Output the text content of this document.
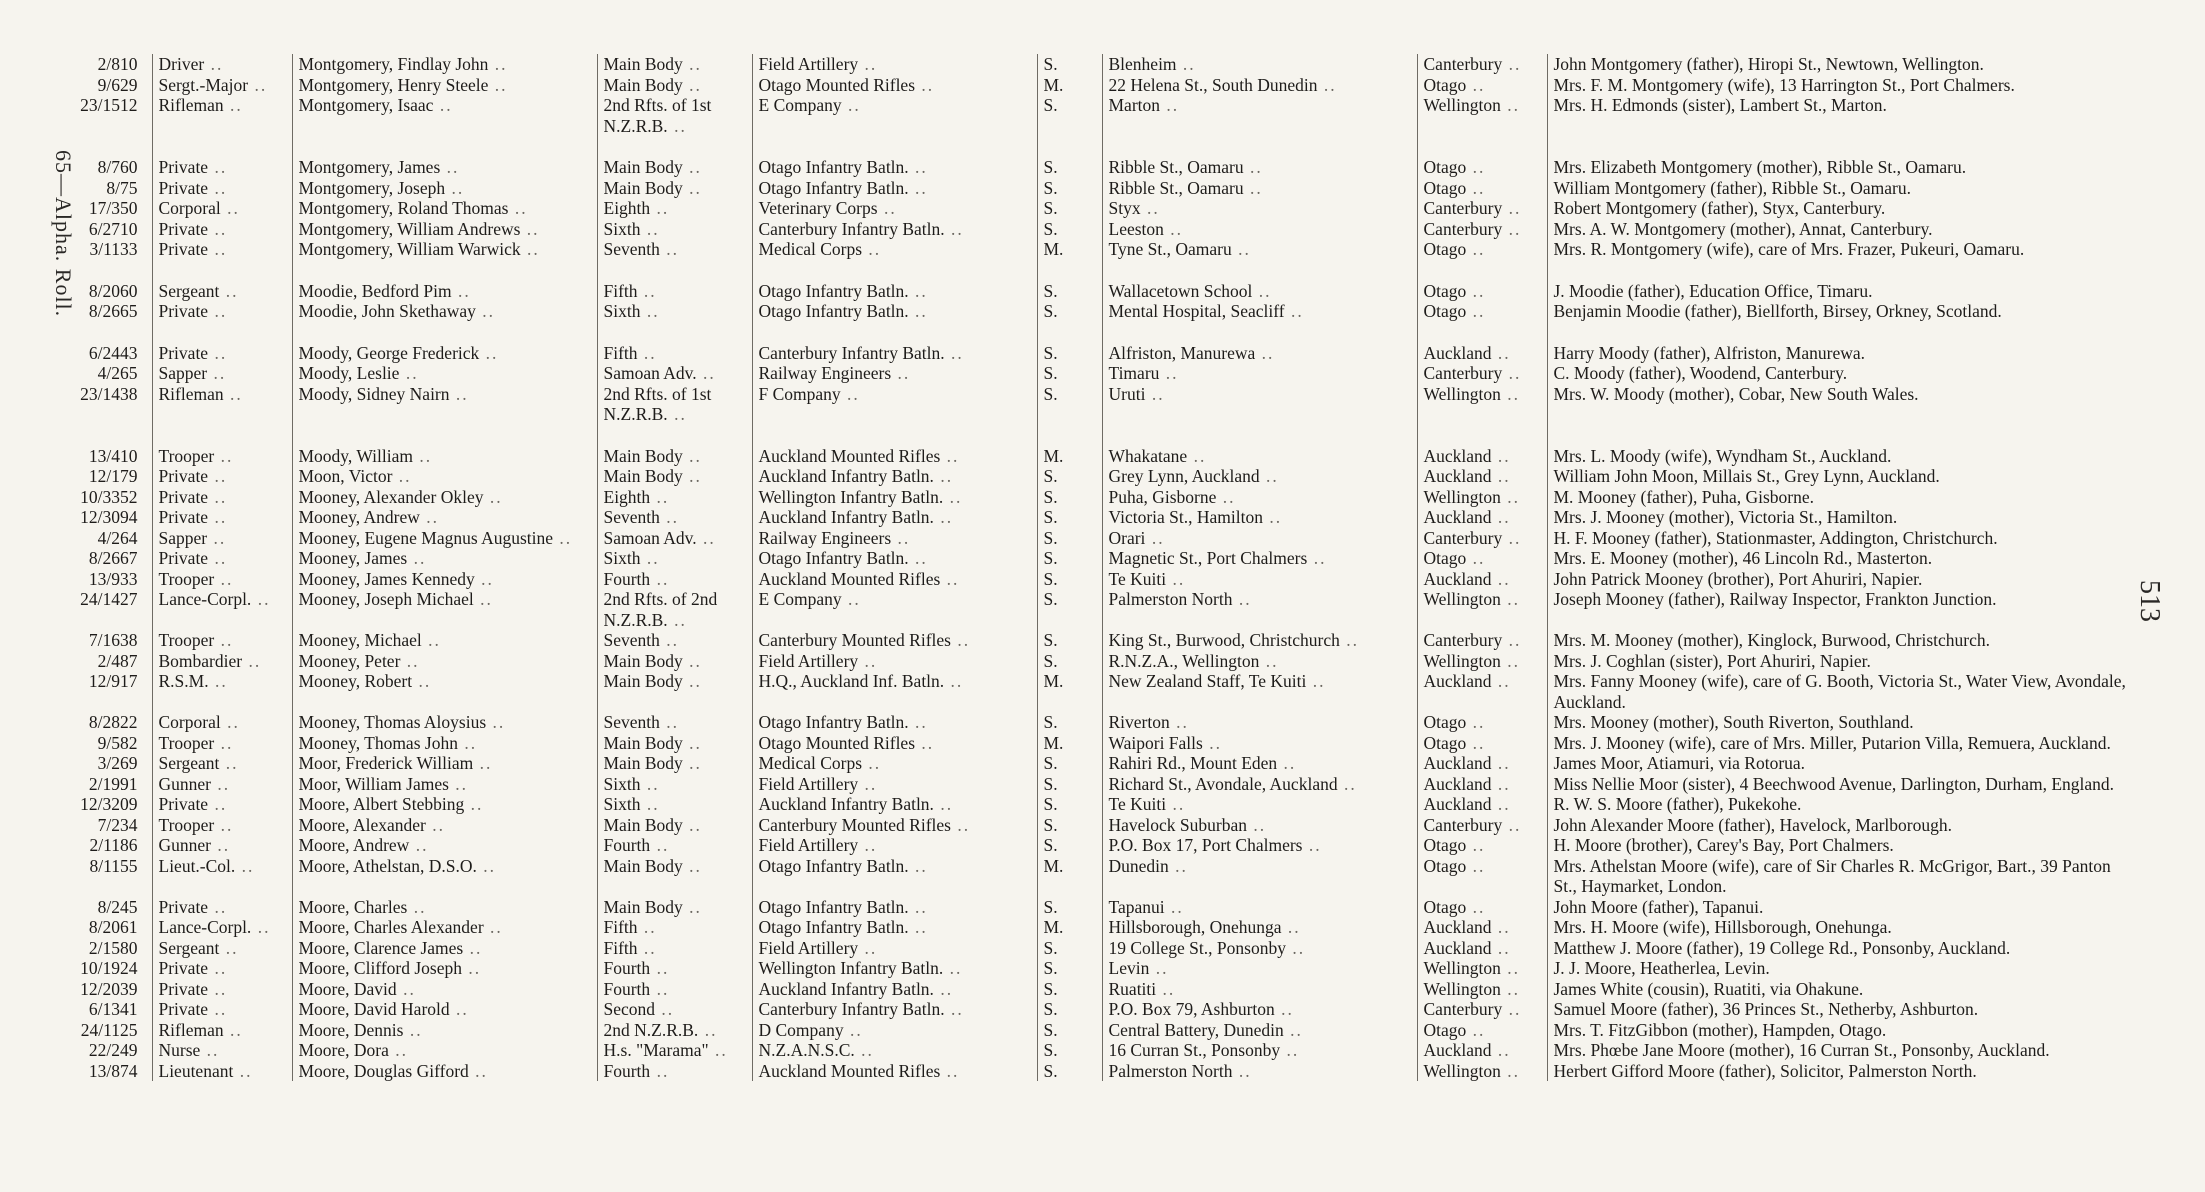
65—Alpha. Roll.
513
2/810	Driver ..	Montgomery, Findlay John ..	Main Body ..	Field Artillery ..	S.	Blenheim ..	Canterbury ..	John Montgomery (father), Hiropi St., Newtown, Wellington.
9/629	Sergt.-Major ..	Montgomery, Henry Steele ..	Main Body ..	Otago Mounted Rifles ..	M.	22 Helena St., South Dunedin ..	Otago ..	Mrs. F. M. Montgomery (wife), 13 Harrington St., Port Chalmers.
23/1512	Rifleman ..	Montgomery, Isaac ..	2nd Rfts. of 1st N.Z.R.B. ..	E Company ..	S.	Marton ..	Wellington ..	Mrs. H. Edmonds (sister), Lambert St., Marton.
8/760	Private ..	Montgomery, James ..	Main Body ..	Otago Infantry Batln. ..	S.	Ribble St., Oamaru ..	Otago ..	Mrs. Elizabeth Montgomery (mother), Ribble St., Oamaru.
8/75	Private ..	Montgomery, Joseph ..	Main Body ..	Otago Infantry Batln. ..	S.	Ribble St., Oamaru ..	Otago ..	William Montgomery (father), Ribble St., Oamaru.
17/350	Corporal ..	Montgomery, Roland Thomas ..	Eighth ..	Veterinary Corps ..	S.	Styx ..	Canterbury ..	Robert Montgomery (father), Styx, Canterbury.
6/2710	Private ..	Montgomery, William Andrews ..	Sixth ..	Canterbury Infantry Batln. ..	S.	Leeston ..	Canterbury ..	Mrs. A. W. Montgomery (mother), Annat, Canterbury.
3/1133	Private ..	Montgomery, William Warwick ..	Seventh ..	Medical Corps ..	M.	Tyne St., Oamaru ..	Otago ..	Mrs. R. Montgomery (wife), care of Mrs. Frazer, Pukeuri, Oamaru.
8/2060	Sergeant ..	Moodie, Bedford Pim ..	Fifth ..	Otago Infantry Batln. ..	S.	Wallacetown School ..	Otago ..	J. Moodie (father), Education Office, Timaru.
8/2665	Private ..	Moodie, John Skethaway ..	Sixth ..	Otago Infantry Batln. ..	S.	Mental Hospital, Seacliff ..	Otago ..	Benjamin Moodie (father), Biellforth, Birsey, Orkney, Scotland.
6/2443	Private ..	Moody, George Frederick ..	Fifth ..	Canterbury Infantry Batln. ..	S.	Alfriston, Manurewa ..	Auckland ..	Harry Moody (father), Alfriston, Manurewa.
4/265	Sapper ..	Moody, Leslie ..	Samoan Adv. ..	Railway Engineers ..	S.	Timaru ..	Canterbury ..	C. Moody (father), Woodend, Canterbury.
23/1438	Rifleman ..	Moody, Sidney Nairn ..	2nd Rfts. of 1st N.Z.R.B. ..	F Company ..	S.	Uruti ..	Wellington ..	Mrs. W. Moody (mother), Cobar, New South Wales.
13/410	Trooper ..	Moody, William ..	Main Body ..	Auckland Mounted Rifles ..	M.	Whakatane ..	Auckland ..	Mrs. L. Moody (wife), Wyndham St., Auckland.
12/179	Private ..	Moon, Victor ..	Main Body ..	Auckland Infantry Batln. ..	S.	Grey Lynn, Auckland ..	Auckland ..	William John Moon, Millais St., Grey Lynn, Auckland.
10/3352	Private ..	Mooney, Alexander Okley ..	Eighth ..	Wellington Infantry Batln. ..	S.	Puha, Gisborne ..	Wellington ..	M. Mooney (father), Puha, Gisborne.
12/3094	Private ..	Mooney, Andrew ..	Seventh ..	Auckland Infantry Batln. ..	S.	Victoria St., Hamilton ..	Auckland ..	Mrs. J. Mooney (mother), Victoria St., Hamilton.
4/264	Sapper ..	Mooney, Eugene Magnus Augustine ..	Samoan Adv. ..	Railway Engineers ..	S.	Orari ..	Canterbury ..	H. F. Mooney (father), Stationmaster, Addington, Christchurch.
8/2667	Private ..	Mooney, James ..	Sixth ..	Otago Infantry Batln. ..	S.	Magnetic St., Port Chalmers ..	Otago ..	Mrs. E. Mooney (mother), 46 Lincoln Rd., Masterton.
13/933	Trooper ..	Mooney, James Kennedy ..	Fourth ..	Auckland Mounted Rifles ..	S.	Te Kuiti ..	Auckland ..	John Patrick Mooney (brother), Port Ahuriri, Napier.
24/1427	Lance-Corpl. ..	Mooney, Joseph Michael ..	2nd Rfts. of 2nd N.Z.R.B. ..	E Company ..	S.	Palmerston North ..	Wellington ..	Joseph Mooney (father), Railway Inspector, Frankton Junction.
7/1638	Trooper ..	Mooney, Michael ..	Seventh ..	Canterbury Mounted Rifles ..	S.	King St., Burwood, Christchurch ..	Canterbury ..	Mrs. M. Mooney (mother), Kinglock, Burwood, Christchurch.
2/487	Bombardier ..	Mooney, Peter ..	Main Body ..	Field Artillery ..	S.	R.N.Z.A., Wellington ..	Wellington ..	Mrs. J. Coghlan (sister), Port Ahuriri, Napier.
12/917	R.S.M. ..	Mooney, Robert ..	Main Body ..	H.Q., Auckland Inf. Batln. ..	M.	New Zealand Staff, Te Kuiti ..	Auckland ..	Mrs. Fanny Mooney (wife), care of G. Booth, Victoria St., Water View, Avondale, Auckland.
8/2822	Corporal ..	Mooney, Thomas Aloysius ..	Seventh ..	Otago Infantry Batln. ..	S.	Riverton ..	Otago ..	Mrs. Mooney (mother), South Riverton, Southland.
9/582	Trooper ..	Mooney, Thomas John ..	Main Body ..	Otago Mounted Rifles ..	M.	Waipori Falls ..	Otago ..	Mrs. J. Mooney (wife), care of Mrs. Miller, Putarion Villa, Remuera, Auckland.
3/269	Sergeant ..	Moor, Frederick William ..	Main Body ..	Medical Corps ..	S.	Rahiri Rd., Mount Eden ..	Auckland ..	James Moor, Atiamuri, via Rotorua.
2/1991	Gunner ..	Moor, William James ..	Sixth ..	Field Artillery ..	S.	Richard St., Avondale, Auckland ..	Auckland ..	Miss Nellie Moor (sister), 4 Beechwood Avenue, Darlington, Durham, England.
12/3209	Private ..	Moore, Albert Stebbing ..	Sixth ..	Auckland Infantry Batln. ..	S.	Te Kuiti ..	Auckland ..	R. W. S. Moore (father), Pukekohe.
7/234	Trooper ..	Moore, Alexander ..	Main Body ..	Canterbury Mounted Rifles ..	S.	Havelock Suburban ..	Canterbury ..	John Alexander Moore (father), Havelock, Marlborough.
2/1186	Gunner ..	Moore, Andrew ..	Fourth ..	Field Artillery ..	S.	P.O. Box 17, Port Chalmers ..	Otago ..	H. Moore (brother), Carey's Bay, Port Chalmers.
8/1155	Lieut.-Col. ..	Moore, Athelstan, D.S.O. ..	Main Body ..	Otago Infantry Batln. ..	M.	Dunedin ..	Otago ..	Mrs. Athelstan Moore (wife), care of Sir Charles R. McGrigor, Bart., 39 Panton St., Haymarket, London.
8/245	Private ..	Moore, Charles ..	Main Body ..	Otago Infantry Batln. ..	S.	Tapanui ..	Otago ..	John Moore (father), Tapanui.
8/2061	Lance-Corpl. ..	Moore, Charles Alexander ..	Fifth ..	Otago Infantry Batln. ..	M.	Hillsborough, Onehunga ..	Auckland ..	Mrs. H. Moore (wife), Hillsborough, Onehunga.
2/1580	Sergeant ..	Moore, Clarence James ..	Fifth ..	Field Artillery ..	S.	19 College St., Ponsonby ..	Auckland ..	Matthew J. Moore (father), 19 College Rd., Ponsonby, Auckland.
10/1924	Private ..	Moore, Clifford Joseph ..	Fourth ..	Wellington Infantry Batln. ..	S.	Levin ..	Wellington ..	J. J. Moore, Heatherlea, Levin.
12/2039	Private ..	Moore, David ..	Fourth ..	Auckland Infantry Batln. ..	S.	Ruatiti ..	Wellington ..	James White (cousin), Ruatiti, via Ohakune.
6/1341	Private ..	Moore, David Harold ..	Second ..	Canterbury Infantry Batln. ..	S.	P.O. Box 79, Ashburton ..	Canterbury ..	Samuel Moore (father), 36 Princes St., Netherby, Ashburton.
24/1125	Rifleman ..	Moore, Dennis ..	2nd N.Z.R.B. ..	D Company ..	S.	Central Battery, Dunedin ..	Otago ..	Mrs. T. FitzGibbon (mother), Hampden, Otago.
22/249	Nurse ..	Moore, Dora ..	H.s. "Marama" ..	N.Z.A.N.S.C. ..	S.	16 Curran St., Ponsonby ..	Auckland ..	Mrs. Phœbe Jane Moore (mother), 16 Curran St., Ponsonby, Auckland.
13/874	Lieutenant ..	Moore, Douglas Gifford ..	Fourth ..	Auckland Mounted Rifles ..	S.	Palmerston North ..	Wellington ..	Herbert Gifford Moore (father), Solicitor, Palmerston North.
